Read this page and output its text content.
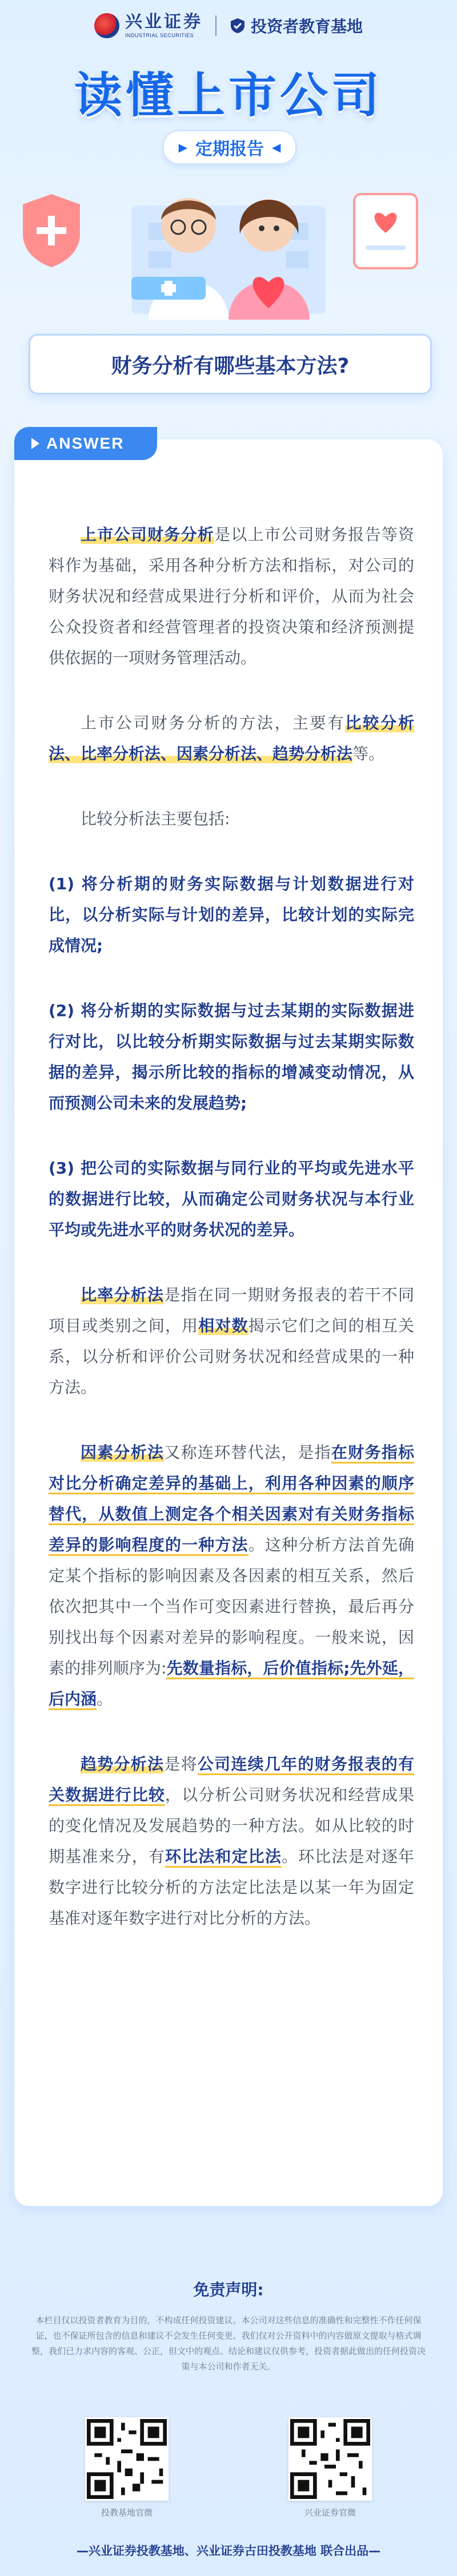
兴业证券
INDUSTRIAL SECURITIES	投资者教育基地
读懂上市公司
▶ 定期报告 ◀
财务分析有哪些基本方法?
ANSWER

上市公司财务分析是以上市公司财务报告等资料作为基础，采用各种分析方法和指标，对公司的财务状况和经营成果进行分析和评价，从而为社会公众投资者和经营管理者的投资决策和经济预测提供依据的一项财务管理活动。

上市公司财务分析的方法，主要有比较分析法、比率分析法、因素分析法、趋势分析法等。

比较分析法主要包括:

(1) 将分析期的财务实际数据与计划数据进行对比，以分析实际与计划的差异，比较计划的实际完成情况;

(2) 将分析期的实际数据与过去某期的实际数据进行对比，以比较分析期实际数据与过去某期实际数据的差异，揭示所比较的指标的增减变动情况，从而预测公司未来的发展趋势;

(3) 把公司的实际数据与同行业的平均或先进水平的数据进行比较，从而确定公司财务状况与本行业平均或先进水平的财务状况的差异。

比率分析法是指在同一期财务报表的若干不同项目或类别之间，用相对数揭示它们之间的相互关系，以分析和评价公司财务状况和经营成果的一种方法。

因素分析法又称连环替代法，是指在财务指标对比分析确定差异的基础上，利用各种因素的顺序替代，从数值上测定各个相关因素对有关财务指标差异的影响程度的一种方法。这种分析方法首先确定某个指标的影响因素及各因素的相互关系，然后依次把其中一个当作可变因素进行替换，最后再分别找出每个因素对差异的影响程度。一般来说，因素的排列顺序为:先数量指标，后价值指标;先外延，后内涵。

趋势分析法是将公司连续几年的财务报表的有关数据进行比较，以分析公司财务状况和经营成果的变化情况及发展趋势的一种方法。如从比较的时期基准来分，有环比法和定比法。环比法是对逐年数字进行比较分析的方法定比法是以某一年为固定基准对逐年数字进行对比分析的方法。

免责声明:
本栏目仅以投资者教育为目的，不构成任何投资建议。本公司对这些信息的准确性和完整性不作任何保证，也不保证所包含的信息和建议不会发生任何变更。我们仅对公开资料中的内容做原文提取与格式调整，我们已力求内容的客观、公正，但文中的观点、结论和建议仅供参考，投资者据此做出的任何投资决策与本公司和作者无关。
投教基地官微	兴业证券官微
—兴业证券投教基地、兴业证券古田投教基地 联合出品—
